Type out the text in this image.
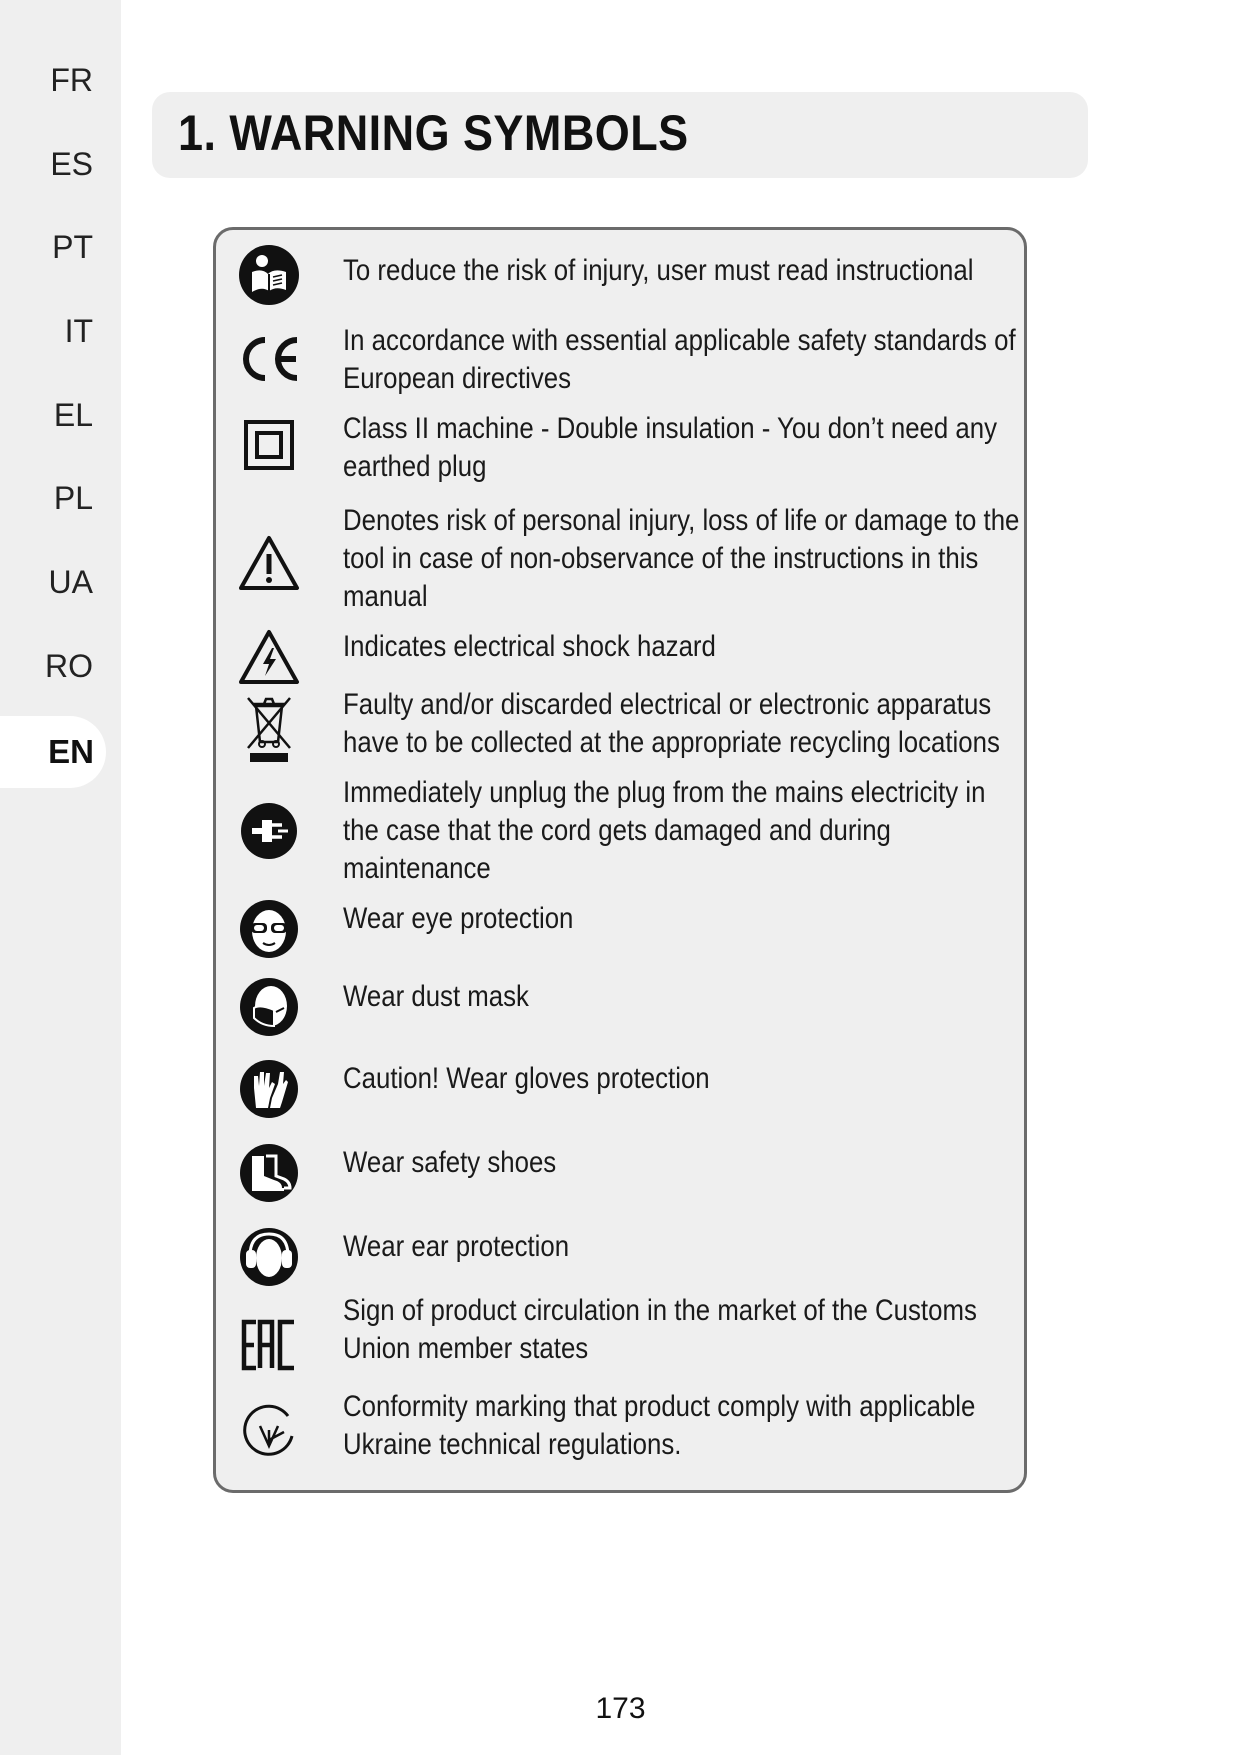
FR
ES
PT
IT
EL
PL
UA
RO
EN
1. WARNING SYMBOLS
To reduce the risk of injury, user must read instructional
In accordance with essential applicable safety standards of European directives
Class II machine - Double insulation - You don’t need any earthed plug
Denotes risk of personal injury, loss of life or damage to the tool in case of non-observance of the instructions in this manual
Indicates electrical shock hazard
Faulty and/or discarded electrical or electronic apparatus have to be collected at the appropriate recycling locations
Immediately unplug the plug from the mains electricity in the case that the cord gets damaged and during maintenance
Wear eye protection
Wear dust mask
Caution! Wear gloves protection
Wear safety shoes
Wear ear protection
Sign of product circulation in the market of the Customs Union member states
Conformity marking that product comply with applicable Ukraine technical regulations.
173
